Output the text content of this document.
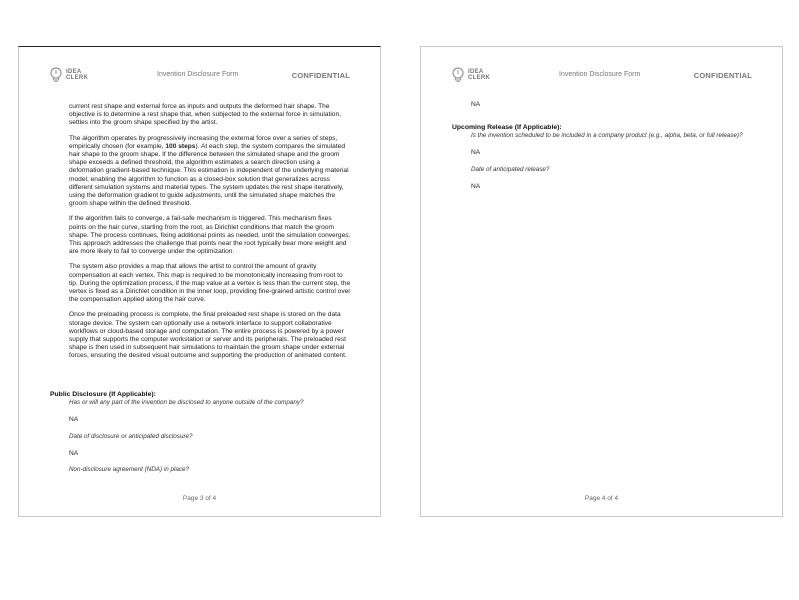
IDEA
CLERK	Invention Disclosure Form	CONFIDENTIAL

current rest shape and external force as inputs and outputs the deformed hair shape. The objective is to determine a rest shape that, when subjected to the external force in simulation, settles into the groom shape specified by the artist.

The algorithm operates by progressively increasing the external force over a series of steps, empirically chosen (for example, 100 steps). At each step, the system compares the simulated hair shape to the groom shape. If the difference between the simulated shape and the groom shape exceeds a defined threshold, the algorithm estimates a search direction using a deformation gradient-based technique. This estimation is independent of the underlying material model, enabling the algorithm to function as a closed-box solution that generalizes across different simulation systems and material types. The system updates the rest shape iteratively, using the deformation gradient to guide adjustments, until the simulated shape matches the groom shape within the defined threshold.

If the algorithm fails to converge, a fail-safe mechanism is triggered. This mechanism fixes points on the hair curve, starting from the root, as Dirichlet conditions that match the groom shape. The process continues, fixing additional points as needed, until the simulation converges. This approach addresses the challenge that points near the root typically bear more weight and are more likely to fail to converge under the optimization.

The system also provides a map that allows the artist to control the amount of gravity compensation at each vertex. This map is required to be monotonically increasing from root to tip. During the optimization process, if the map value at a vertex is less than the current step, the vertex is fixed as a Dirichlet condition in the inner loop, providing fine-grained artistic control over the compensation applied along the hair curve.

Once the preloading process is complete, the final preloaded rest shape is stored on the data storage device. The system can optionally use a network interface to support collaborative workflows or cloud-based storage and computation. The entire process is powered by a power supply that supports the computer workstation or server and its peripherals. The preloaded rest shape is then used in subsequent hair simulations to maintain the groom shape under external forces, ensuring the desired visual outcome and supporting the production of animated content.

Public Disclosure (If Applicable):
Has or will any part of the invention be disclosed to anyone outside of the company?
NA
Date of disclosure or anticipated disclosure?
NA
Non-disclosure agreement (NDA) in place?
Page 3 of 4
IDEA
CLERK	Invention Disclosure Form	CONFIDENTIAL
NA
Upcoming Release (If Applicable):
Is the invention scheduled to be included in a company product (e.g., alpha, beta, or full release)?
NA
Date of anticipated release?
NA
Page 4 of 4
